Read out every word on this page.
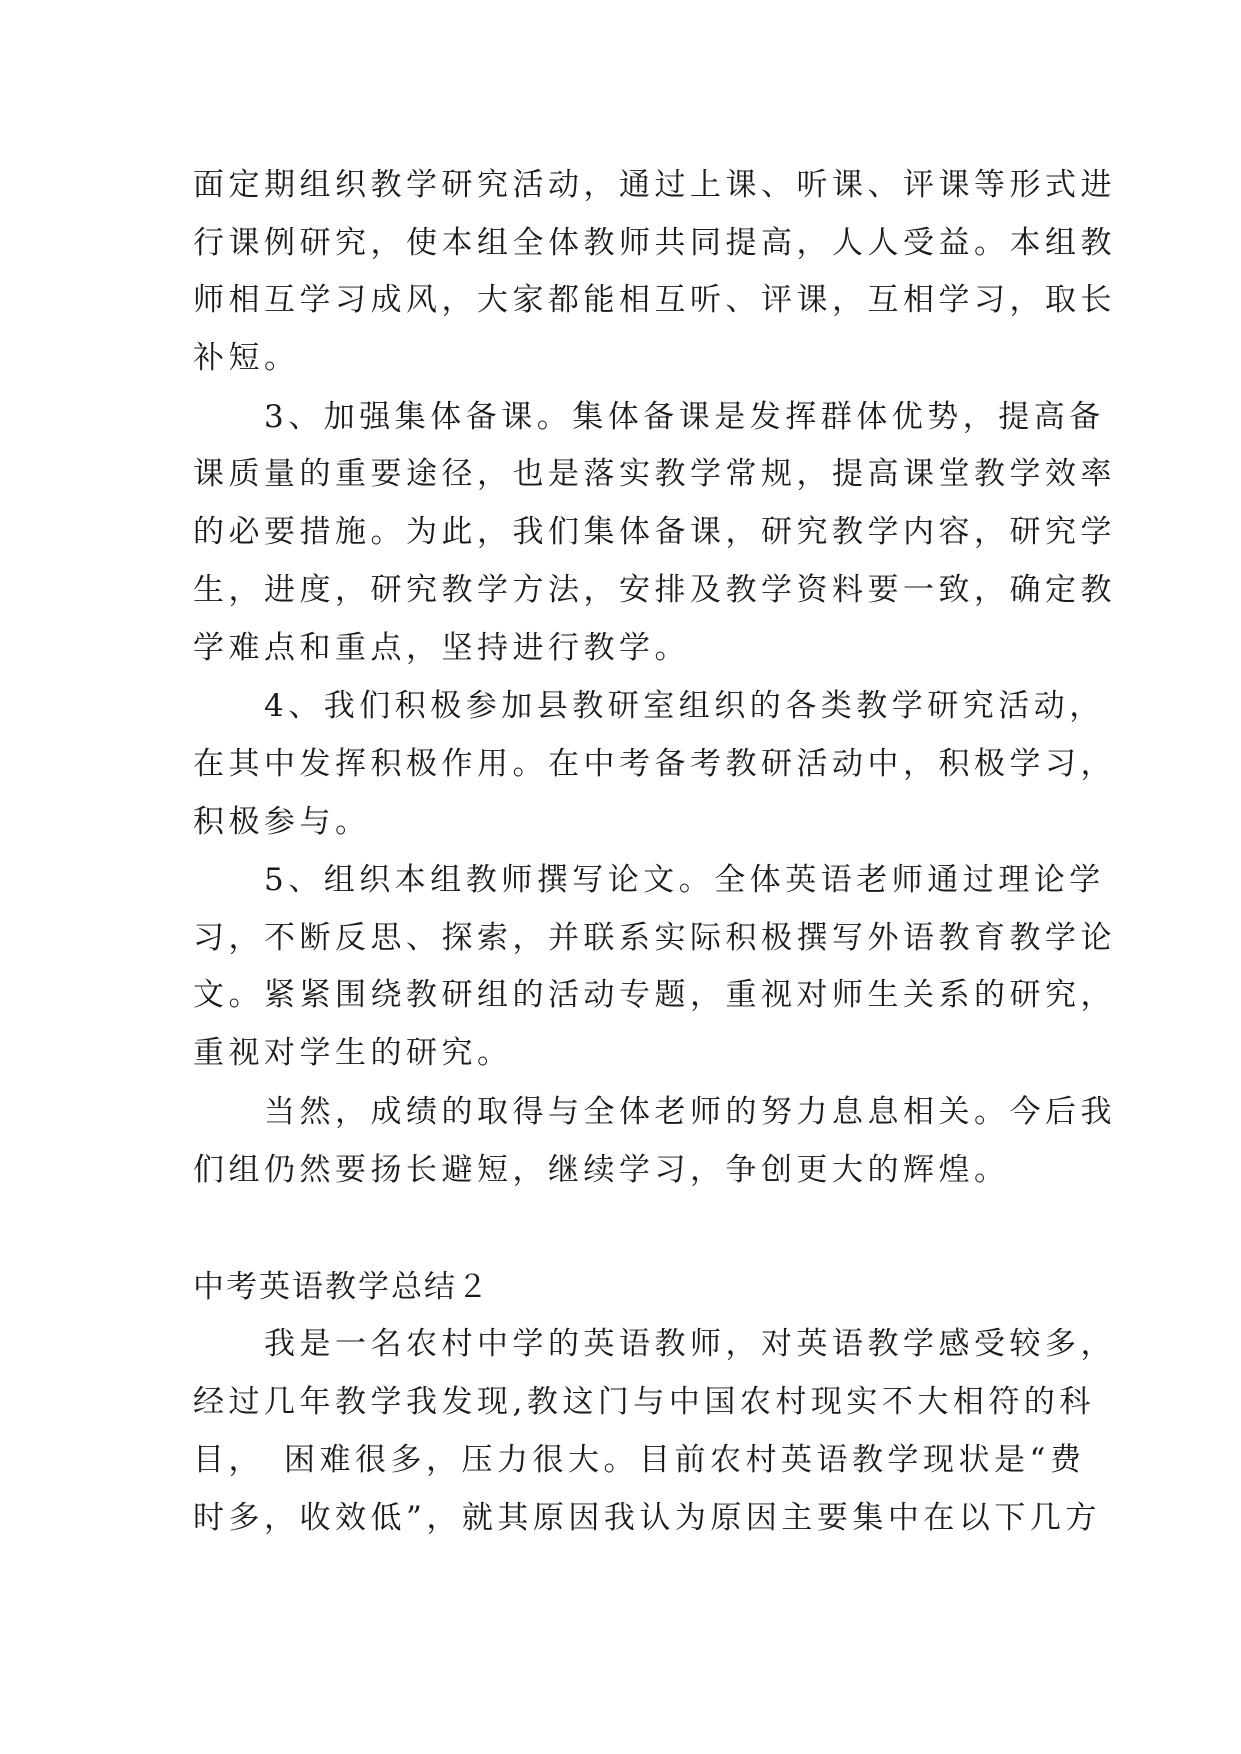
面定期组织教学研究活动，通过上课、听课、评课等形式进
行课例研究，使本组全体教师共同提高，人人受益。本组教
师相互学习成风，大家都能相互听、评课，互相学习，取长
补短。
　　3、加强集体备课。集体备课是发挥群体优势，提高备
课质量的重要途径，也是落实教学常规，提高课堂教学效率
的必要措施。为此，我们集体备课，研究教学内容，研究学
生，进度，研究教学方法，安排及教学资料要一致，确定教
学难点和重点，坚持进行教学。
　　4、我们积极参加县教研室组织的各类教学研究活动，
在其中发挥积极作用。在中考备考教研活动中，积极学习，
积极参与。
　　5、组织本组教师撰写论文。全体英语老师通过理论学
习，不断反思、探索，并联系实际积极撰写外语教育教学论
文。紧紧围绕教研组的活动专题，重视对师生关系的研究，
重视对学生的研究。
　　当然，成绩的取得与全体老师的努力息息相关。今后我
们组仍然要扬长避短，继续学习，争创更大的辉煌。
中考英语教学总结２
　　我是一名农村中学的英语教师，对英语教学感受较多，
经过几年教学我发现,教这门与中国农村现实不大相符的科
目，　困难很多，压力很大。目前农村英语教学现状是“费
时多，收效低”，就其原因我认为原因主要集中在以下几方
